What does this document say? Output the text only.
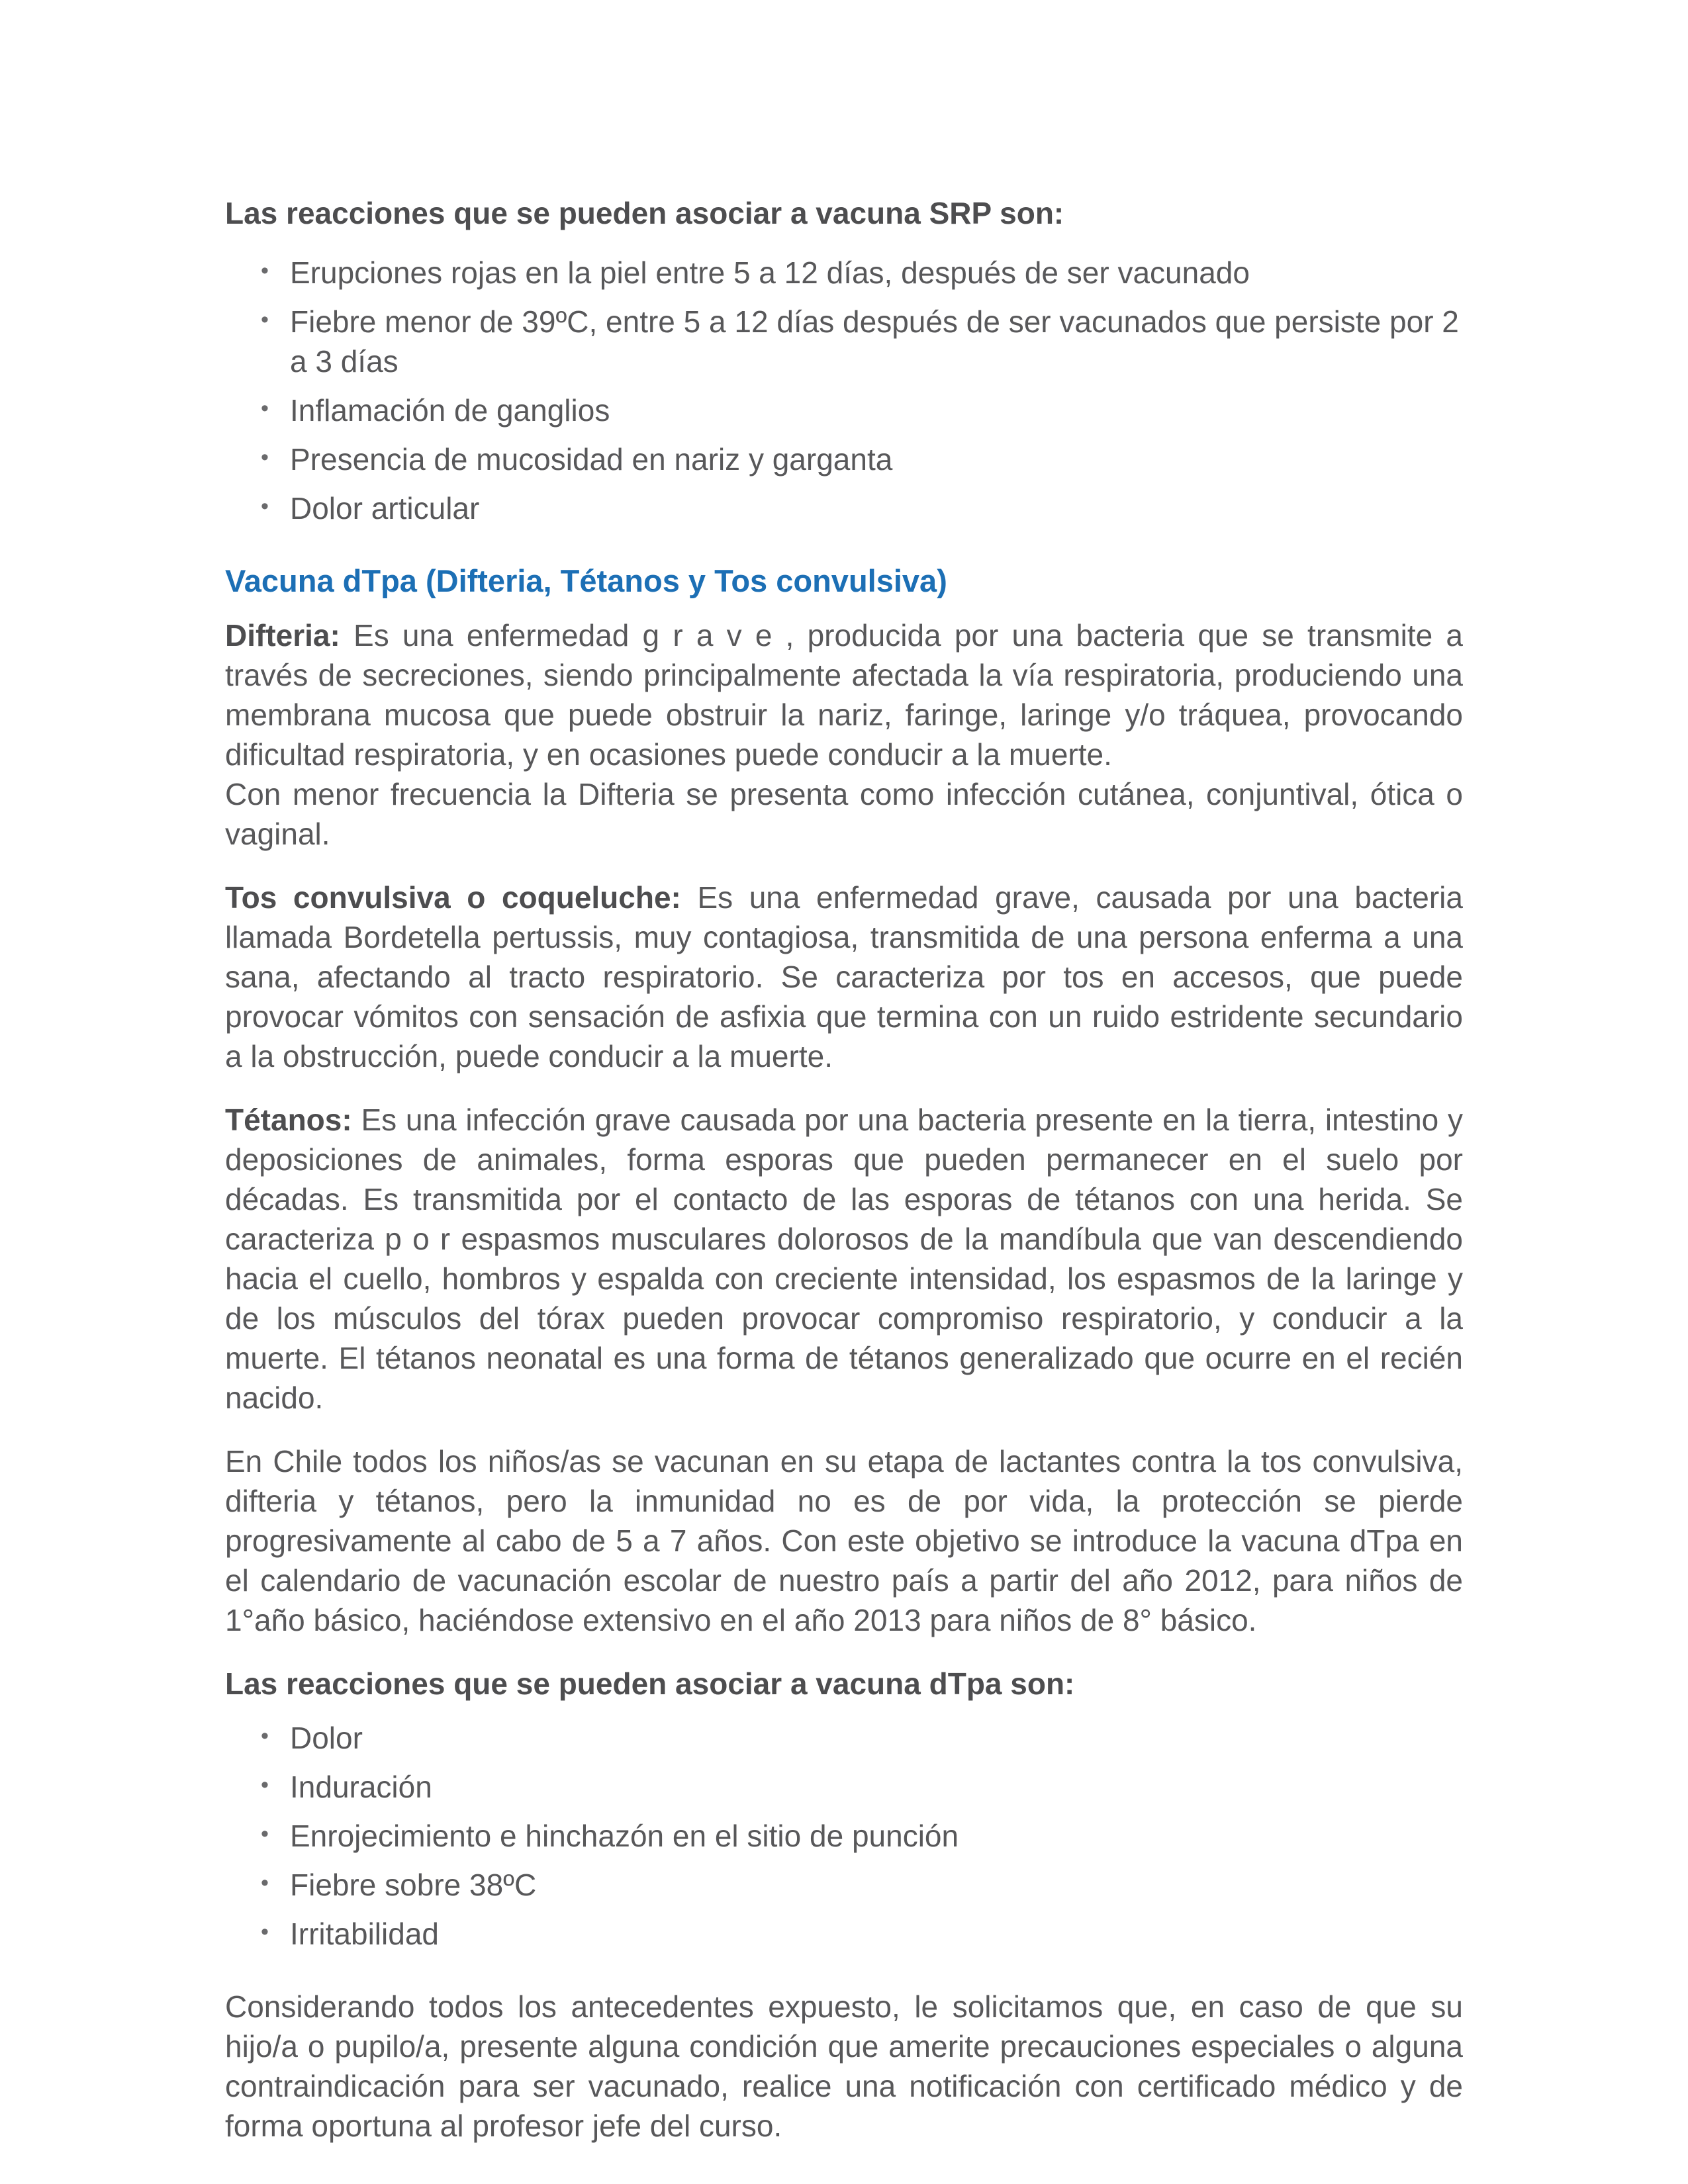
Las reacciones que se pueden asociar a vacuna SRP son:
• Erupciones rojas en la piel entre 5 a 12 días, después de ser vacunado
• Fiebre menor de 39ºC, entre 5 a 12 días después de ser vacunados que persiste por 2 a 3 días
• Inflamación de ganglios
• Presencia de mucosidad en nariz y garganta
• Dolor articular
Vacuna dTpa (Difteria, Tétanos y Tos convulsiva)

Difteria: Es una enfermedad g r a v e , producida por una bacteria que se transmite a través de secreciones, siendo principalmente afectada la vía respiratoria, produciendo una membrana mucosa que puede obstruir la nariz, faringe, laringe y/o tráquea, provocando dificultad respiratoria, y en ocasiones puede conducir a la muerte.
Con menor frecuencia la Difteria se presenta como infección cutánea, conjuntival, ótica o vaginal.

Tos convulsiva o coqueluche: Es una enfermedad grave, causada por una bacteria llamada Bordetella pertussis, muy contagiosa, transmitida de una persona enferma a una sana, afectando al tracto respiratorio. Se caracteriza por tos en accesos, que puede provocar vómitos con sensación de asfixia que termina con un ruido estridente secundario a la obstrucción, puede conducir a la muerte.

Tétanos: Es una infección grave causada por una bacteria presente en la tierra, intestino y deposiciones de animales, forma esporas que pueden permanecer en el suelo por décadas. Es transmitida por el contacto de las esporas de tétanos con una herida. Se caracteriza p o r espasmos musculares dolorosos de la mandíbula que van descendiendo hacia el cuello, hombros y espalda con creciente intensidad, los espasmos de la laringe y de los músculos del tórax pueden provocar compromiso respiratorio, y conducir a la muerte. El tétanos neonatal es una forma de tétanos generalizado que ocurre en el recién nacido.

En Chile todos los niños/as se vacunan en su etapa de lactantes contra la tos convulsiva, difteria y tétanos, pero la inmunidad no es de por vida, la protección se pierde progresivamente al cabo de 5 a 7 años. Con este objetivo se introduce la vacuna dTpa en el calendario de vacunación escolar de nuestro país a partir del año 2012, para niños de 1°año básico, haciéndose extensivo en el año 2013 para niños de 8° básico.

Las reacciones que se pueden asociar a vacuna dTpa son:
• Dolor
• Induración
• Enrojecimiento e hinchazón en el sitio de punción
• Fiebre sobre 38ºC
• Irritabilidad

Considerando todos los antecedentes expuesto, le solicitamos que, en caso de que su hijo/a o pupilo/a, presente alguna condición que amerite precauciones especiales o alguna contraindicación para ser vacunado, realice una notificación con certificado médico y de forma oportuna al profesor jefe del curso.
